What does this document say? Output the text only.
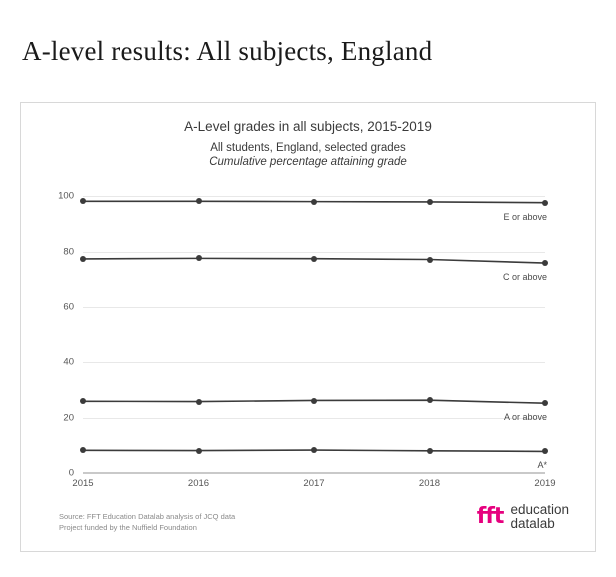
A-level results: All subjects, England

A-Level grades in all subjects, 2015-2019

All students, England, selected grades

Cumulative percentage attaining grade

0
20
40
60
80
100
2015	2016	2017	2018	2019
E or above
C or above
A or above
A*
Source: FFT Education Datalab analysis of JCQ data
Project funded by the Nuffield Foundation	fft education
datalab
